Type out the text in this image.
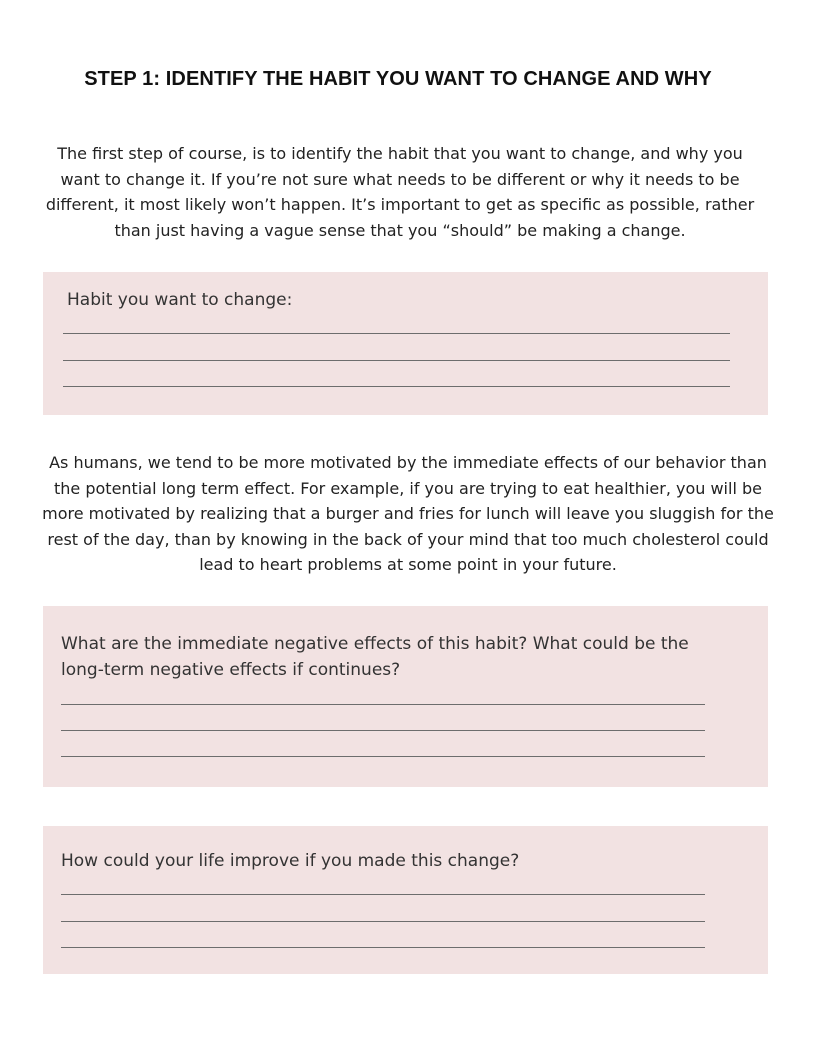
STEP 1: IDENTIFY THE HABIT YOU WANT TO CHANGE AND WHY

The first step of course, is to identify the habit that you want to change, and why you
want to change it. If you’re not sure what needs to be different or why it needs to be
different, it most likely won’t happen. It’s important to get as specific as possible, rather
than just having a vague sense that you “should” be making a change.

Habit you want to change:

As humans, we tend to be more motivated by the immediate effects of our behavior than
the potential long term effect. For example, if you are trying to eat healthier, you will be
more motivated by realizing that a burger and fries for lunch will leave you sluggish for the
rest of the day, than by knowing in the back of your mind that too much cholesterol could
lead to heart problems at some point in your future.

What are the immediate negative effects of this habit? What could be the
long-term negative effects if continues?

How could your life improve if you made this change?
